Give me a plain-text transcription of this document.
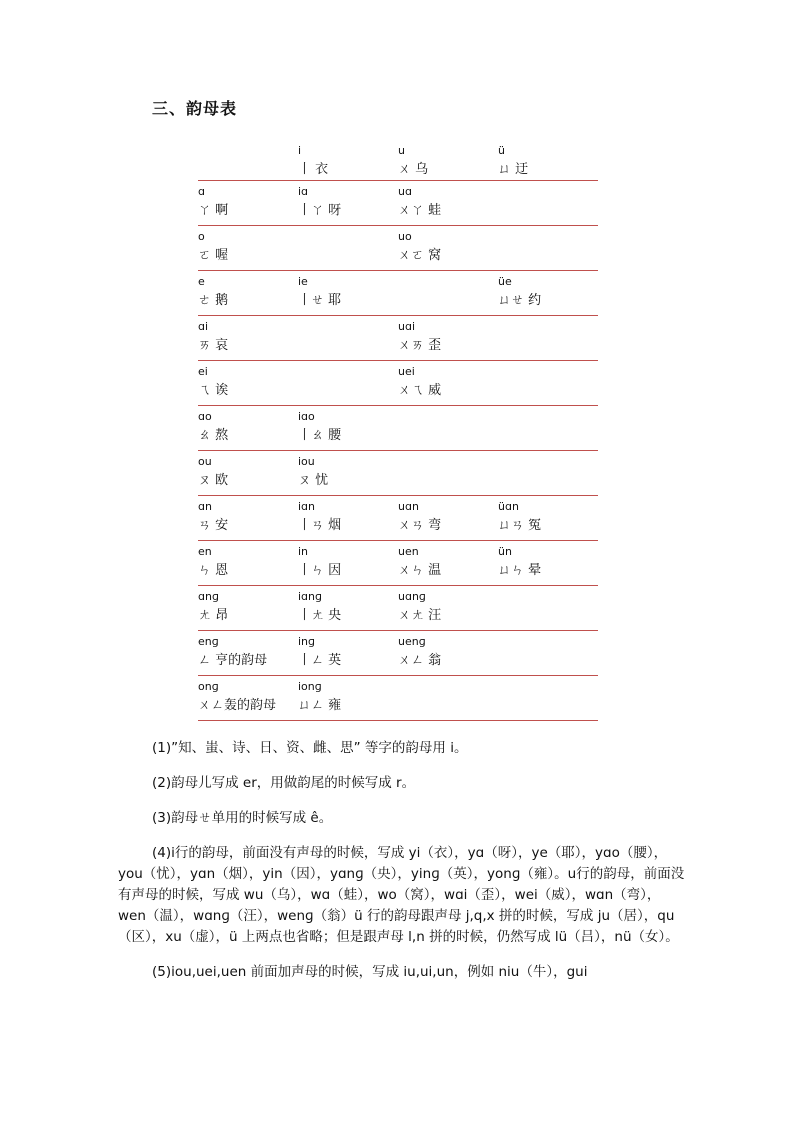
三、韵母表
i
丨 衣
u
ㄨ 乌
ü
ㄩ 迂
ɑ
ㄚ 啊
iɑ
丨ㄚ 呀
uɑ
ㄨㄚ 蛙
o
ㄛ 喔
uo
ㄨㄛ 窝
e
ㄜ 鹅
ie
丨ㄝ 耶
üe
ㄩㄝ 约
ɑi
ㄞ 哀
uɑi
ㄨㄞ 歪
ei
ㄟ 诶
uei
ㄨㄟ 威
ɑo
ㄠ 熬
iɑo
丨ㄠ 腰
ou
ㄡ 欧
iou
ㄡ 忧
ɑn
ㄢ 安
iɑn
丨ㄢ 烟
uɑn
ㄨㄢ 弯
üɑn
ㄩㄢ 冤
en
ㄣ 恩
in
丨ㄣ 因
uen
ㄨㄣ 温
ün
ㄩㄣ 晕
ɑnɡ
ㄤ 昂
iɑnɡ
丨ㄤ 央
uɑnɡ
ㄨㄤ 汪
enɡ
ㄥ 亨的韵母
inɡ
丨ㄥ 英
uenɡ
ㄨㄥ 翁
onɡ
ㄨㄥ轰的韵母
ionɡ
ㄩㄥ 雍

(1)”知、蚩、诗、日、资、雌、思” 等字的韵母用 i。

(2)韵母儿写成 er，用做韵尾的时候写成 r。

(3)韵母ㄝ单用的时候写成 ê。

(4)i行的韵母，前面没有声母的时候，写成 yi（衣），yɑ（呀），ye（耶），yɑo（腰），you（忧），yɑn（烟），yin（因），yɑnɡ（央），yinɡ（英），yonɡ（雍）。u行的韵母，前面没有声母的时候，写成 wu（乌），wɑ（蛙），wo（窝），wɑi（歪），wei（威），wɑn（弯），wen（温），wɑnɡ（汪），wenɡ（翁）ü 行的韵母跟声母 j,q,x 拼的时候，写成 ju（居），qu（区），xu（虚），ü 上两点也省略；但是跟声母 l,n 拼的时候，仍然写成 lü（吕），nü（女）。

(5)iou,uei,uen 前面加声母的时候，写成 iu,ui,un，例如 niu（牛），gui
